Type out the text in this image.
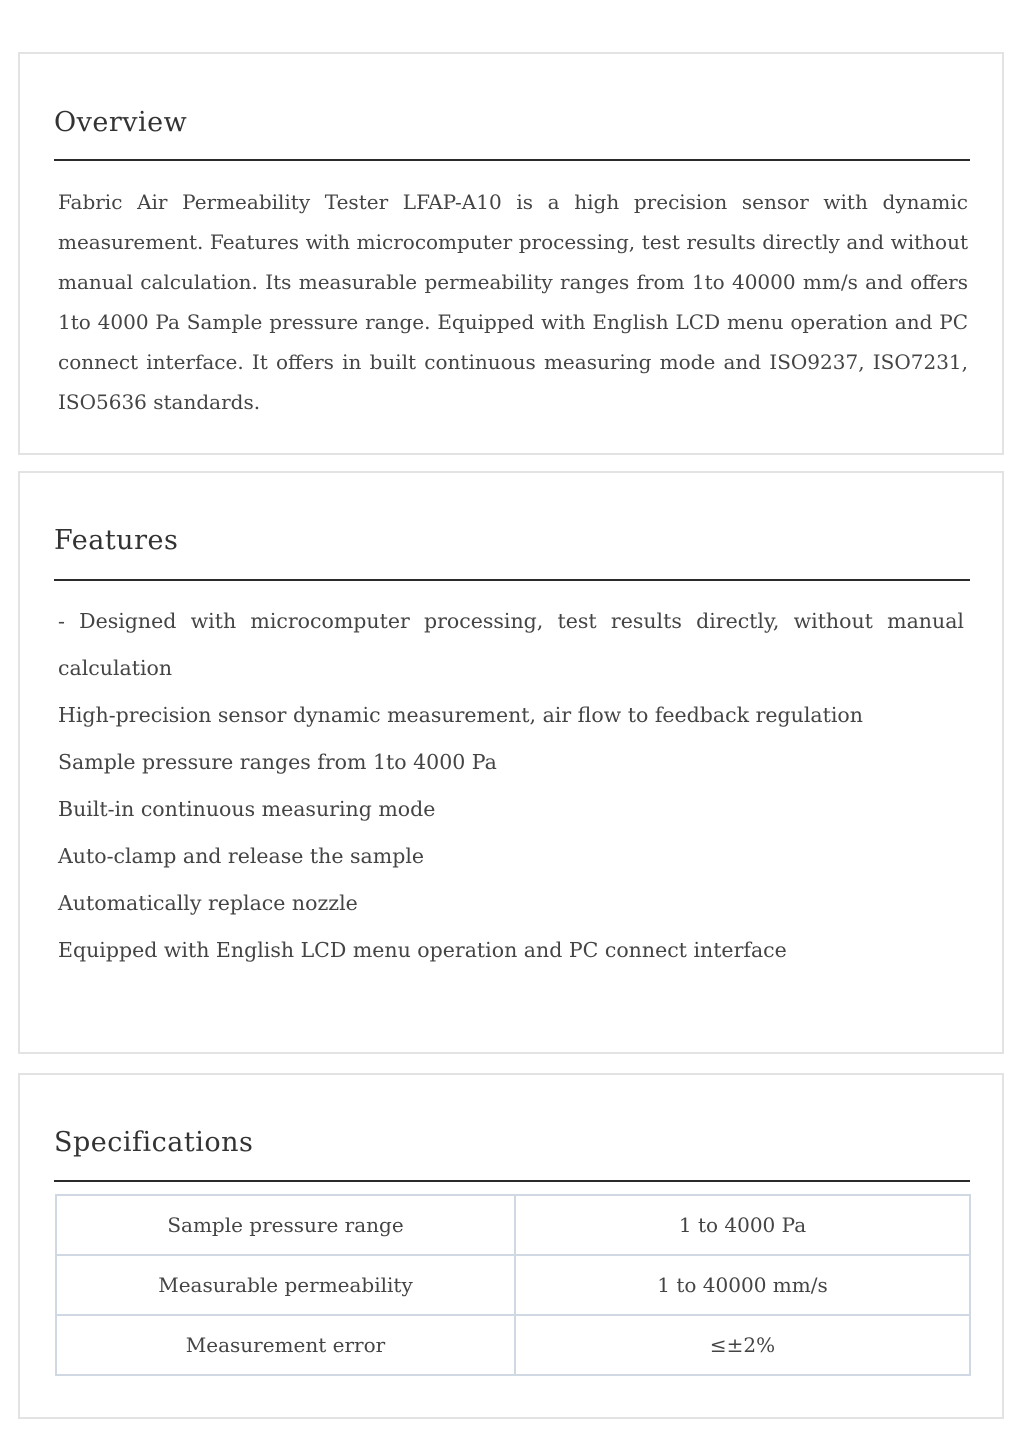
Overview

Fabric Air Permeability Tester LFAP-A10 is a high precision sensor with dynamic measurement. Features with microcomputer processing, test results directly and without manual calculation. Its measurable permeability ranges from 1to 40000 mm/s and offers 1to 4000 Pa Sample pressure range. Equipped with English LCD menu operation and PC connect interface. It offers in built continuous measuring mode and ISO9237, ISO7231, ISO5636 standards.

Features
- Designed with microcomputer processing, test results directly, without manual calculation
High-precision sensor dynamic measurement, air flow to feedback regulation
Sample pressure ranges from 1to 4000 Pa
Built-in continuous measuring mode
Auto-clamp and release the sample
Automatically replace nozzle
Equipped with English LCD menu operation and PC connect interface
Specifications
Sample pressure range	1 to 4000 Pa
Measurable permeability	1 to 40000 mm/s
Measurement error	≤±2%
